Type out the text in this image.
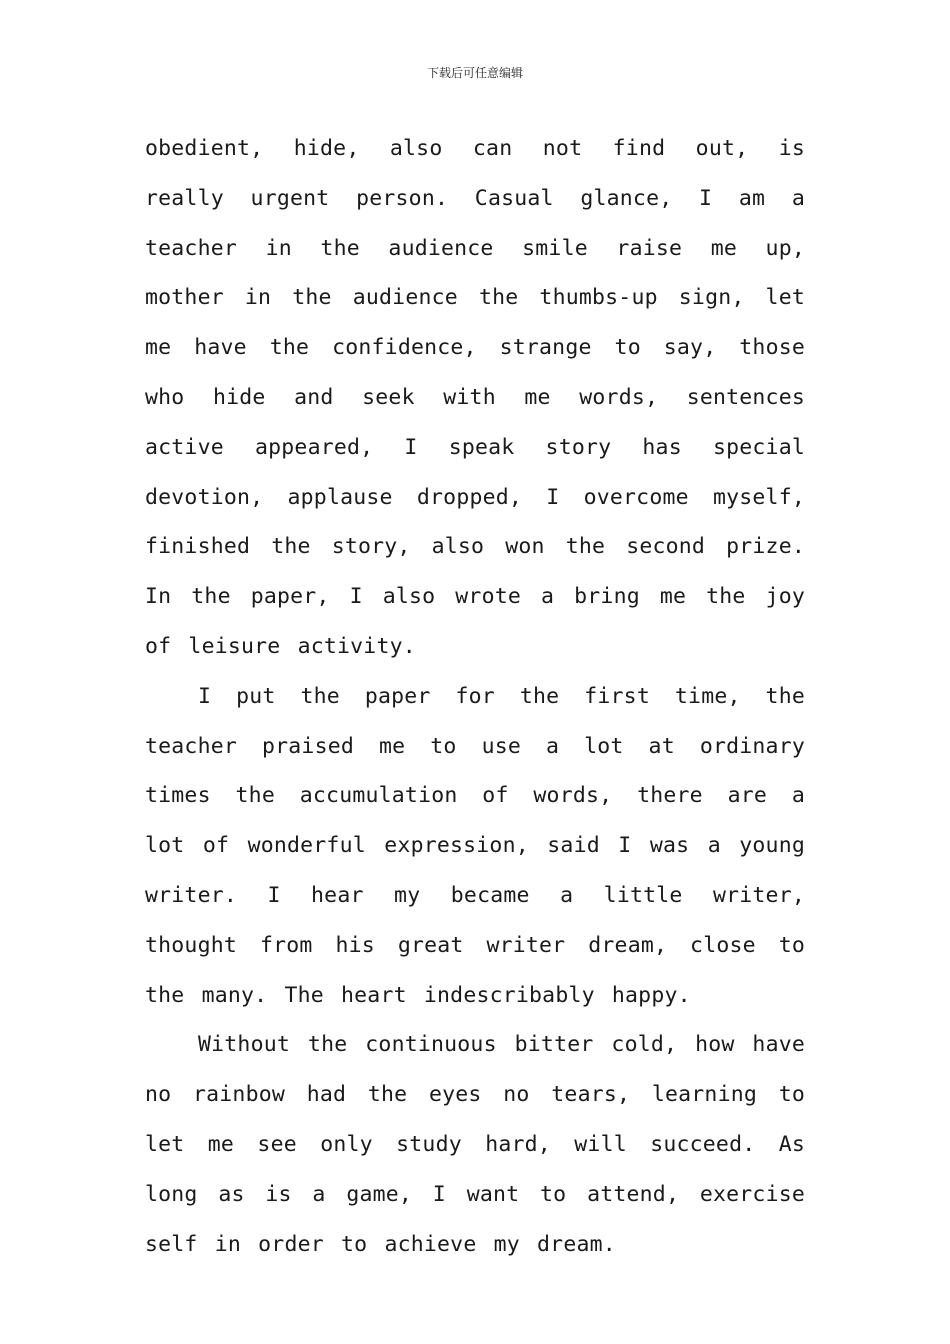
下载后可任意编辑

obedient, hide, also can not find out, is really urgent person. Casual glance, I am a teacher in the audience smile raise me up, mother in the audience the thumbs-up sign, let me have the confidence, strange to say, those who hide and seek with me words, sentences active appeared, I speak story has special devotion, applause dropped, I overcome myself, finished the story, also won the second prize. In the paper, I also wrote a bring me the joy of leisure activity.

I put the paper for the first time, the teacher praised me to use a lot at ordinary times the accumulation of words, there are a lot of wonderful expression, said I was a young writer. I hear my became a little writer, thought from his great writer dream, close to the many. The heart indescribably happy.

Without the continuous bitter cold, how have no rainbow had the eyes no tears, learning to let me see only study hard, will succeed. As long as is a game, I want to attend, exercise self in order to achieve my dream.
